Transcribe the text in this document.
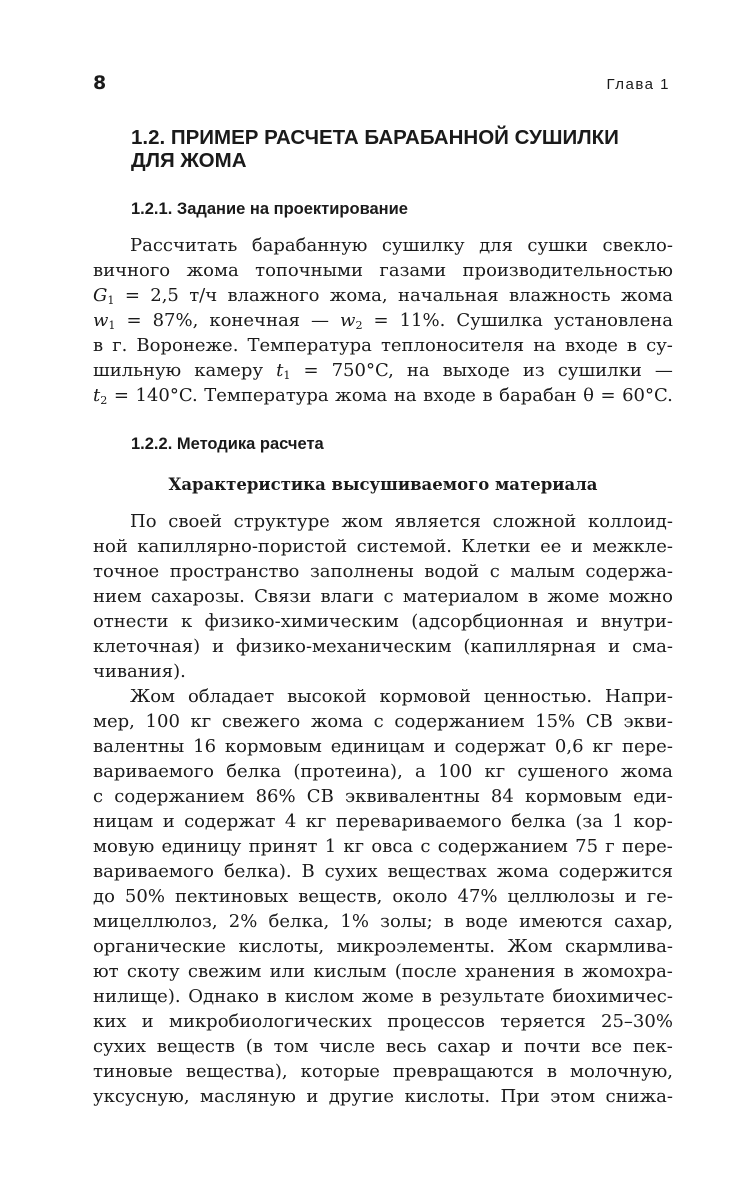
8	Глава 1
1.2. ПРИМЕР РАСЧЕТА БАРАБАННОЙ СУШИЛКИ
ДЛЯ ЖОМА
1.2.1. Задание на проектирование
Рассчитать барабанную сушилку для сушки свекло-
вичного жома топочными газами производительностью
$G_1 = 2,5$ т/ч влажного жома, начальная влажность жома
$w_1 = 87\%$, конечная — $w_2 = 11\%$. Сушилка установлена
в г. Воронеже. Температура теплоносителя на входе в су-
шильную камеру $t_1 = 750^\circ C$, на выходе из сушилки —
$t_2 = 140^\circ C$. Температура жома на входе в барабан θ = 60°C.
1.2.2. Методика расчета
Характеристика высушиваемого материала
По своей структуре жом является сложной коллоид-
ной капиллярно-пористой системой. Клетки ее и межкле-
точное пространство заполнены водой с малым содержа-
нием сахарозы. Связи влаги с материалом в жоме можно
отнести к физико-химическим (адсорбционная и внутри-
клеточная) и физико-механическим (капиллярная и сма-
чивания).
Жом обладает высокой кормовой ценностью. Напри-
мер, 100 кг свежего жома с содержанием 15% СВ экви-
валентны 16 кормовым единицам и содержат 0,6 кг пере-
вариваемого белка (протеина), а 100 кг сушеного жома
с содержанием 86% СВ эквивалентны 84 кормовым еди-
ницам и содержат 4 кг перевариваемого белка (за 1 кор-
мовую единицу принят 1 кг овса с содержанием 75 г пере-
вариваемого белка). В сухих веществах жома содержится
до 50% пектиновых веществ, около 47% целлюлозы и ге-
мицеллюлоз, 2% белка, 1% золы; в воде имеются сахар,
органические кислоты, микроэлементы. Жом скармлива-
ют скоту свежим или кислым (после хранения в жомохра-
нилище). Однако в кислом жоме в результате биохимичес-
ких и микробиологических процессов теряется 25–30%
сухих веществ (в том числе весь сахар и почти все пек-
тиновые вещества), которые превращаются в молочную,
уксусную, масляную и другие кислоты. При этом снижа-
